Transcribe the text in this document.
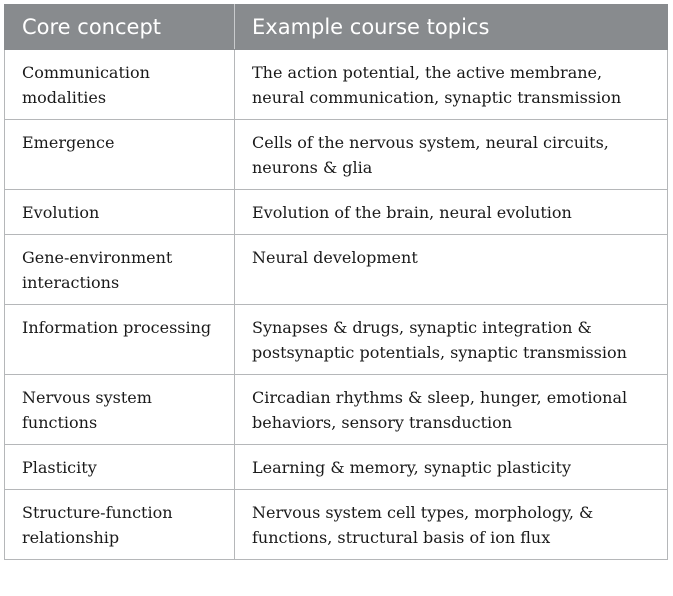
Core concept	Example course topics
Communication modalities	The action potential, the active membrane, neural communication, synaptic transmission
Emergence	Cells of the nervous system, neural circuits, neurons & glia
Evolution	Evolution of the brain, neural evolution
Gene-environment interactions	Neural development
Information processing	Synapses & drugs, synaptic integration & postsynaptic potentials, synaptic transmission
Nervous system functions	Circadian rhythms & sleep, hunger, emotional behaviors, sensory transduction
Plasticity	Learning & memory, synaptic plasticity
Structure-function relationship	Nervous system cell types, morphology, & functions, structural basis of ion flux
